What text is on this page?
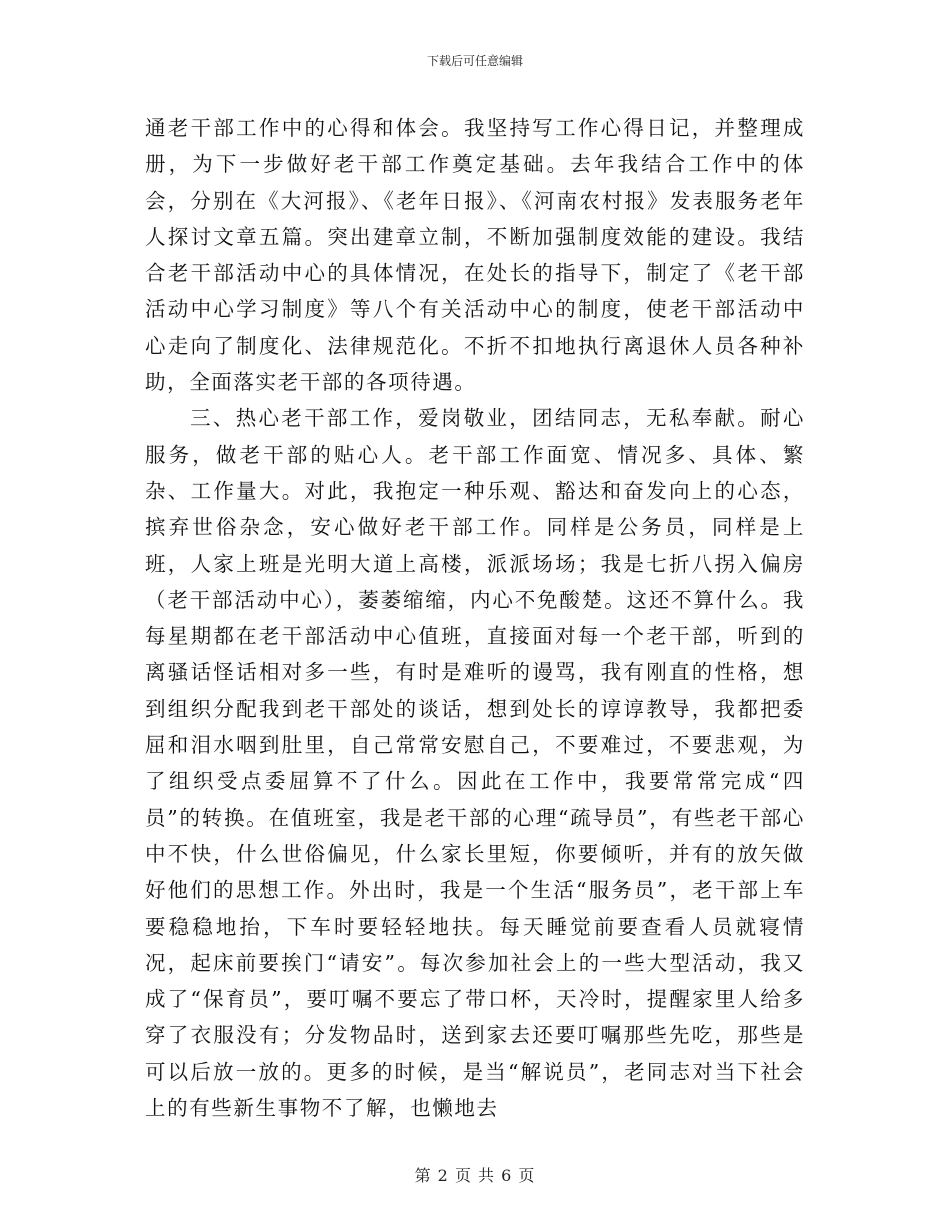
下载后可任意编辑

通老干部工作中的心得和体会。我坚持写工作心得日记，并整理成册，为下一步做好老干部工作奠定基础。去年我结合工作中的体会，分别在《大河报》、《老年日报》、《河南农村报》发表服务老年人探讨文章五篇。突出建章立制，不断加强制度效能的建设。我结合老干部活动中心的具体情况，在处长的指导下，制定了《老干部活动中心学习制度》等八个有关活动中心的制度，使老干部活动中心走向了制度化、法律规范化。不折不扣地执行离退休人员各种补助，全面落实老干部的各项待遇。

三、热心老干部工作，爱岗敬业，团结同志，无私奉献。耐心服务，做老干部的贴心人。老干部工作面宽、情况多、具体、繁杂、工作量大。对此，我抱定一种乐观、豁达和奋发向上的心态，摈弃世俗杂念，安心做好老干部工作。同样是公务员，同样是上班，人家上班是光明大道上高楼，派派场场；我是七折八拐入偏房（老干部活动中心），萎萎缩缩，内心不免酸楚。这还不算什么。我每星期都在老干部活动中心值班，直接面对每一个老干部，听到的离骚话怪话相对多一些，有时是难听的谩骂，我有刚直的性格，想到组织分配我到老干部处的谈话，想到处长的谆谆教导，我都把委屈和泪水咽到肚里，自己常常安慰自己，不要难过，不要悲观，为了组织受点委屈算不了什么。因此在工作中，我要常常完成“四员”的转换。在值班室，我是老干部的心理“疏导员”，有些老干部心中不快，什么世俗偏见，什么家长里短，你要倾听，并有的放矢做好他们的思想工作。外出时，我是一个生活“服务员”，老干部上车要稳稳地抬，下车时要轻轻地扶。每天睡觉前要查看人员就寝情况，起床前要挨门“请安”。每次参加社会上的一些大型活动，我又成了“保育员”，要叮嘱不要忘了带口杯，天冷时，提醒家里人给多穿了衣服没有；分发物品时，送到家去还要叮嘱那些先吃，那些是可以后放一放的。更多的时候，是当“解说员”，老同志对当下社会上的有些新生事物不了解，也懒地去

第 2 页 共 6 页
